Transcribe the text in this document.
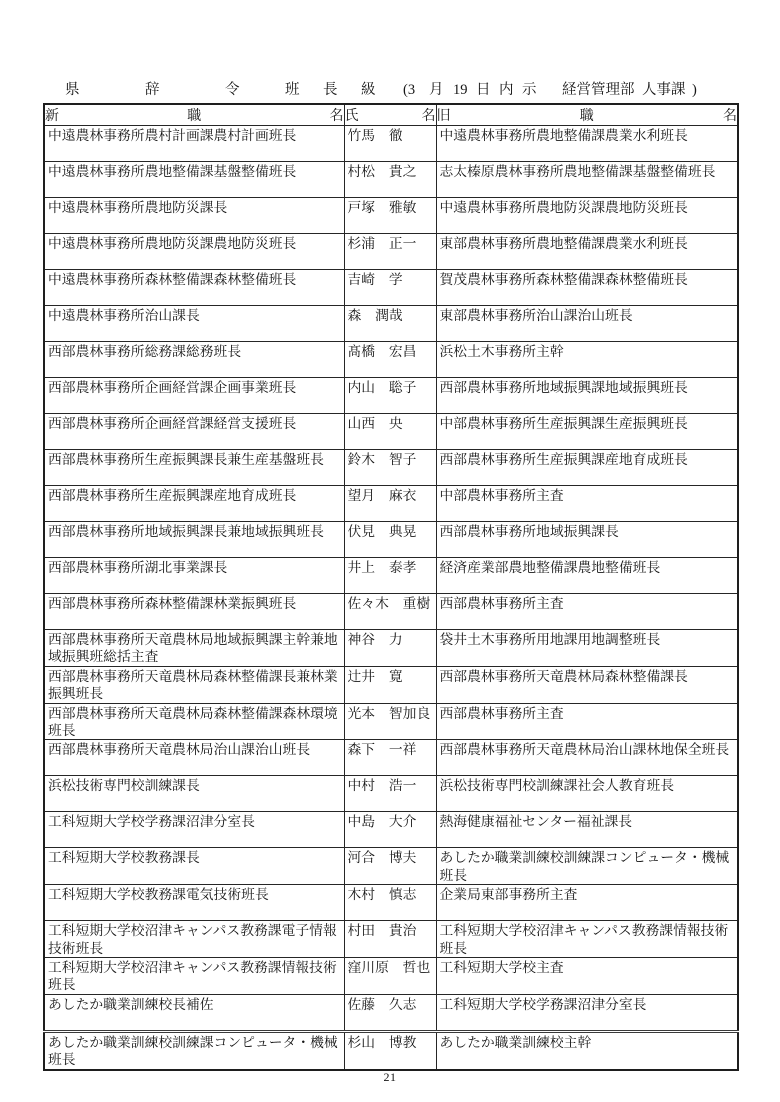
県	辞	令	班 長 級 (3 月 19 日 内 示 経営管理部 人事課 )
新職名	氏名	旧職名
中遠農林事務所農村計画課農村計画班長	竹馬　徹	中遠農林事務所農地整備課農業水利班長
中遠農林事務所農地整備課基盤整備班長	村松　貴之	志太榛原農林事務所農地整備課基盤整備班長
中遠農林事務所農地防災課長	戸塚　雅敏	中遠農林事務所農地防災課農地防災班長
中遠農林事務所農地防災課農地防災班長	杉浦　正一	東部農林事務所農地整備課農業水利班長
中遠農林事務所森林整備課森林整備班長	吉崎　学	賀茂農林事務所森林整備課森林整備班長
中遠農林事務所治山課長	森　潤哉	東部農林事務所治山課治山班長
西部農林事務所総務課総務班長	髙橋　宏昌	浜松土木事務所主幹
西部農林事務所企画経営課企画事業班長	内山　聡子	西部農林事務所地域振興課地域振興班長
西部農林事務所企画経営課経営支援班長	山西　央	中部農林事務所生産振興課生産振興班長
西部農林事務所生産振興課長兼生産基盤班長	鈴木　智子	西部農林事務所生産振興課産地育成班長
西部農林事務所生産振興課産地育成班長	望月　麻衣	中部農林事務所主査
西部農林事務所地域振興課長兼地域振興班長	伏見　典晃	西部農林事務所地域振興課長
西部農林事務所湖北事業課長	井上　泰孝	経済産業部農地整備課農地整備班長
西部農林事務所森林整備課林業振興班長	佐々木　重樹	西部農林事務所主査
西部農林事務所天竜農林局地域振興課主幹兼地域振興班総括主査	神谷　力	袋井土木事務所用地課用地調整班長
西部農林事務所天竜農林局森林整備課長兼林業振興班長	辻井　寛	西部農林事務所天竜農林局森林整備課長
西部農林事務所天竜農林局森林整備課森林環境班長	光本　智加良	西部農林事務所主査
西部農林事務所天竜農林局治山課治山班長	森下　一祥	西部農林事務所天竜農林局治山課林地保全班長
浜松技術専門校訓練課長	中村　浩一	浜松技術専門校訓練課社会人教育班長
工科短期大学校学務課沼津分室長	中島　大介	熱海健康福祉センター福祉課長
工科短期大学校教務課長	河合　博夫	あしたか職業訓練校訓練課コンピュータ・機械班長
工科短期大学校教務課電気技術班長	木村　慎志	企業局東部事務所主査
工科短期大学校沼津キャンパス教務課電子情報技術班長	村田　貴治	工科短期大学校沼津キャンパス教務課情報技術班長
工科短期大学校沼津キャンパス教務課情報技術班長	窪川原　哲也	工科短期大学校主査
あしたか職業訓練校長補佐	佐藤　久志	工科短期大学校学務課沼津分室長
あしたか職業訓練校訓練課コンピュータ・機械班長	杉山　博教	あしたか職業訓練校主幹
21
